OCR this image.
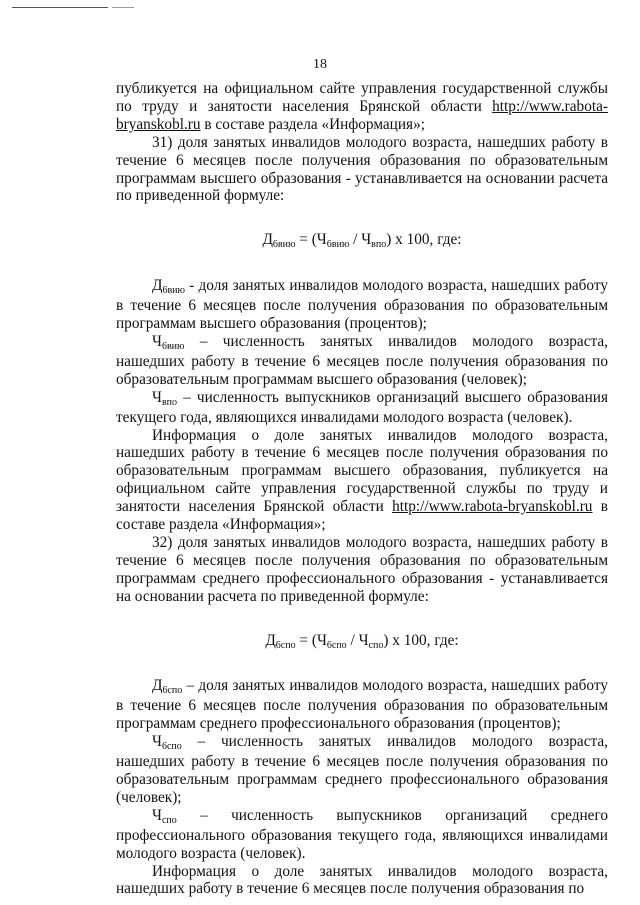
18

публикуется на официальном сайте управления государственной службы по труду и занятости населения Брянской области http://www.rabota-bryanskobl.ru в составе раздела «Информация»;

31) доля занятых инвалидов молодого возраста, нашедших работу в течение 6 месяцев после получения образования по образовательным программам высшего образования - устанавливается на основании расчета по приведенной формуле:

Д6вию = (Ч6вию / Чвпо) х 100, где:

Д6вию - доля занятых инвалидов молодого возраста, нашедших работу в течение 6 месяцев после получения образования по образовательным программам высшего образования (процентов);

Ч6вию – численность занятых инвалидов молодого возраста, нашедших работу в течение 6 месяцев после получения образования по образовательным программам высшего образования (человек);

Чвпо – численность выпускников организаций высшего образования текущего года, являющихся инвалидами молодого возраста (человек).

Информация о доле занятых инвалидов молодого возраста, нашедших работу в течение 6 месяцев после получения образования по образовательным программам высшего образования, публикуется на официальном сайте управления государственной службы по труду и занятости населения Брянской области http://www.rabota-bryanskobl.ru в составе раздела «Информация»;

32) доля занятых инвалидов молодого возраста, нашедших работу в течение 6 месяцев после получения образования по образовательным программам среднего профессионального образования - устанавливается на основании расчета по приведенной формуле:

Д6спо = (Ч6спо / Чспо) х 100, где:

Д6спо – доля занятых инвалидов молодого возраста, нашедших работу в течение 6 месяцев после получения образования по образовательным программам среднего профессионального образования (процентов);

Ч6спо – численность занятых инвалидов молодого возраста, нашедших работу в течение 6 месяцев после получения образования по образовательным программам среднего профессионального образования (человек);

Чспо – численность выпускников организаций среднего профессионального образования текущего года, являющихся инвалидами молодого возраста (человек).

Информация о доле занятых инвалидов молодого возраста, нашедших работу в течение 6 месяцев после получения образования по
